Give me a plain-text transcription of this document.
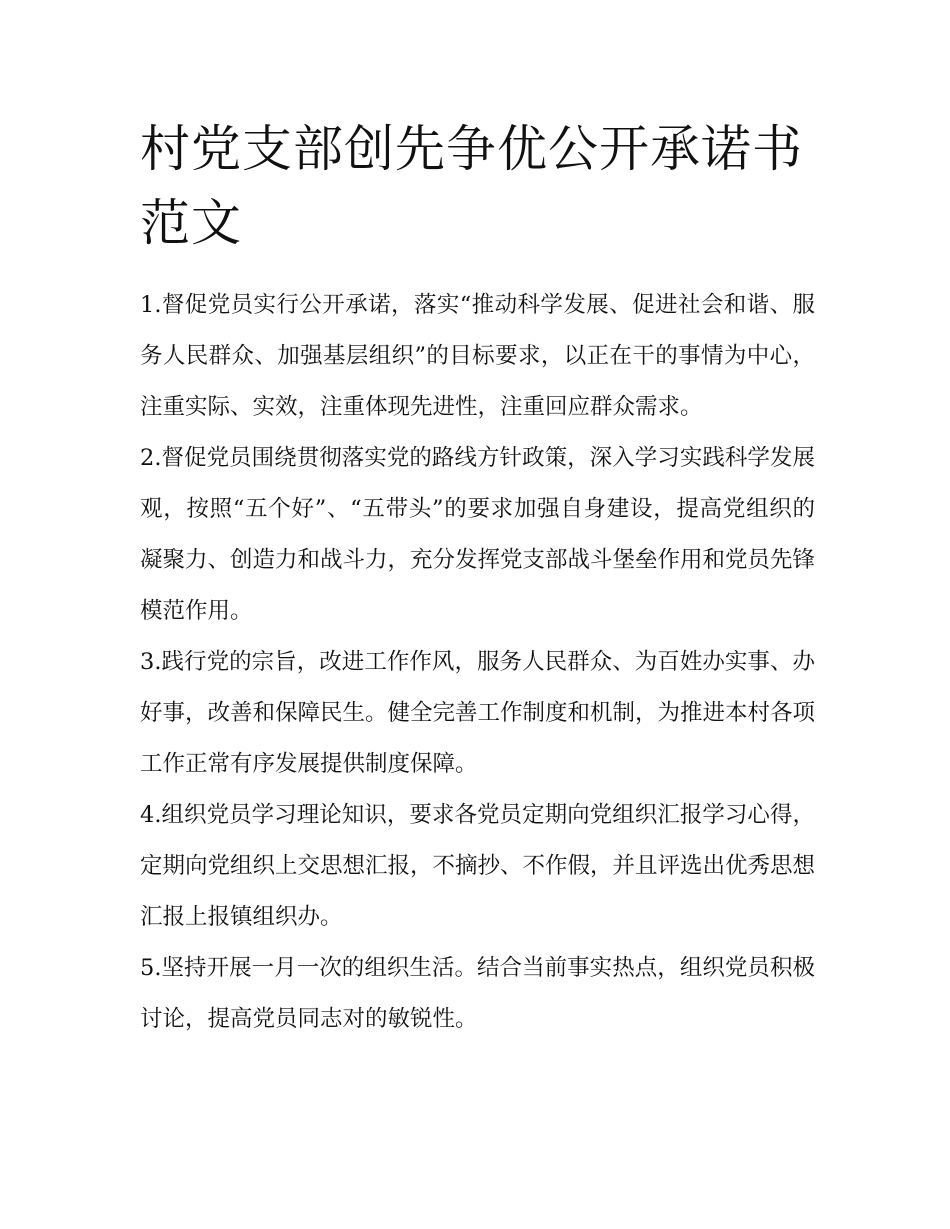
村党支部创先争优公开承诺书范文

1.督促党员实行公开承诺，落实“推动科学发展、促进社会和谐、服务人民群众、加强基层组织”的目标要求，以正在干的事情为中心，注重实际、实效，注重体现先进性，注重回应群众需求。

2.督促党员围绕贯彻落实党的路线方针政策，深入学习实践科学发展观，按照“五个好”、“五带头”的要求加强自身建设，提高党组织的凝聚力、创造力和战斗力，充分发挥党支部战斗堡垒作用和党员先锋模范作用。

3.践行党的宗旨，改进工作作风，服务人民群众、为百姓办实事、办好事，改善和保障民生。健全完善工作制度和机制，为推进本村各项工作正常有序发展提供制度保障。

4.组织党员学习理论知识，要求各党员定期向党组织汇报学习心得，定期向党组织上交思想汇报，不摘抄、不作假，并且评选出优秀思想汇报上报镇组织办。

5.坚持开展一月一次的组织生活。结合当前事实热点，组织党员积极讨论，提高党员同志对的敏锐性。
